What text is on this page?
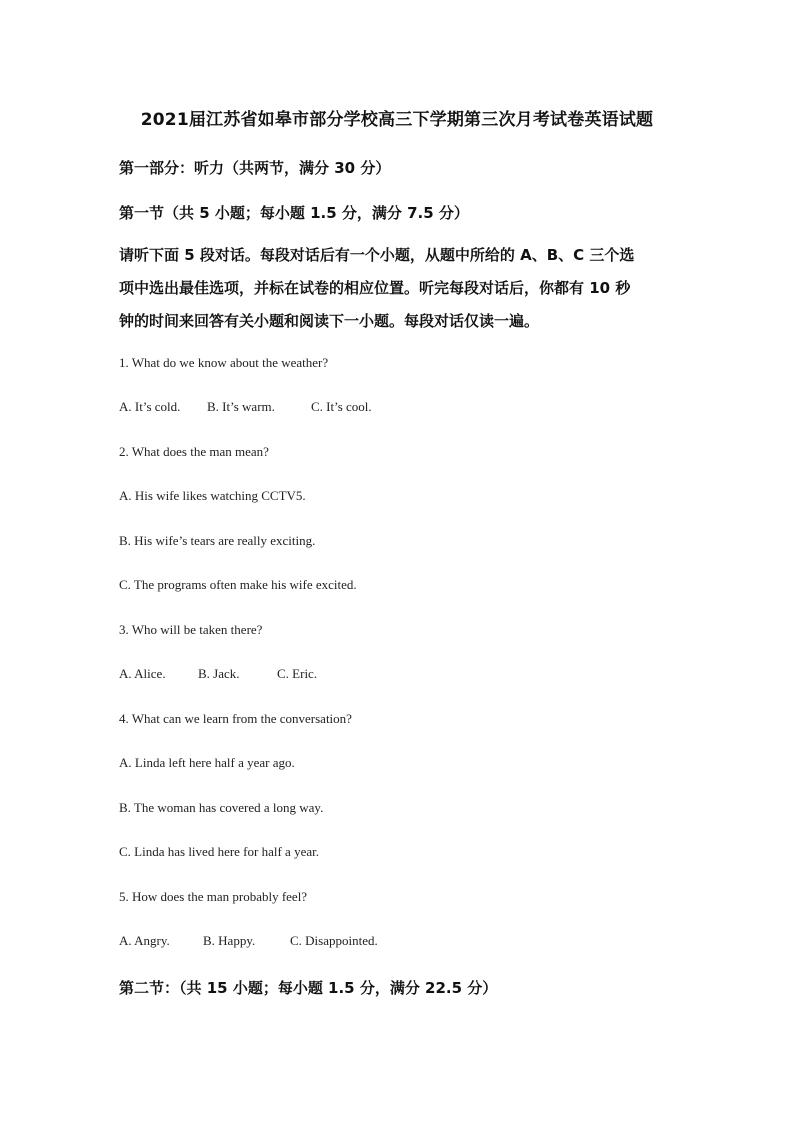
2021届江苏省如皋市部分学校高三下学期第三次月考试卷英语试题
第一部分：听力（共两节，满分 30 分）
第一节（共 5 小题；每小题 1.5 分，满分 7.5 分）
请听下面 5 段对话。每段对话后有一个小题，从题中所给的 A、B、C 三个选
项中选出最佳选项，并标在试卷的相应位置。听完每段对话后，你都有 10 秒
钟的时间来回答有关小题和阅读下一小题。每段对话仅读一遍。
1. What do we know about the weather?
A. It’s cold. B. It’s warm.	C. It’s cool.
2. What does the man mean?
A. His wife likes watching CCTV5.
B. His wife’s tears are really exciting.
C. The programs often make his wife excited.
3. Who will be taken there?
A. Alice. B. Jack.	C. Eric.
4. What can we learn from the conversation?
A. Linda left here half a year ago.
B. The woman has covered a long way.
C. Linda has lived here for half a year.
5. How does the man probably feel?
A. Angry.	B. Happy.	C. Disappointed.
第二节：（共 15 小题；每小题 1.5 分，满分 22.5 分）
